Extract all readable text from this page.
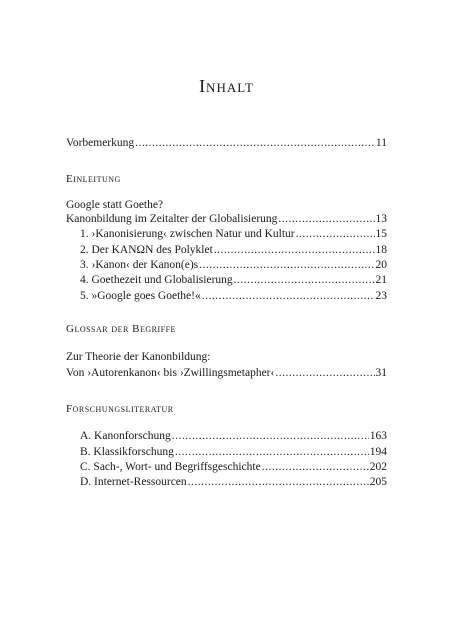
Inhalt
Vorbemerkung .....	11
Einleitung
Google statt Goethe?
Kanonbildung im Zeitalter der Globalisierung .....	13
1. ›Kanonisierung‹ zwischen Natur und Kultur .....	15
2. Der KANΩN des Polyklet .....	18
3. ›Kanon‹ der Kanon(e)s .....	20
4. Goethezeit und Globalisierung .....	21
5. »Google goes Goethe!« .....	23
Glossar der Begriffe
Zur Theorie der Kanonbildung:
Von ›Autorenkanon‹ bis ›Zwillingsmetapher‹ .....	31
Forschungsliteratur
A. Kanonforschung .....	163
B. Klassikforschung .....	194
C. Sach-, Wort- und Begriffsgeschichte .....	202
D. Internet-Ressourcen .....	205
